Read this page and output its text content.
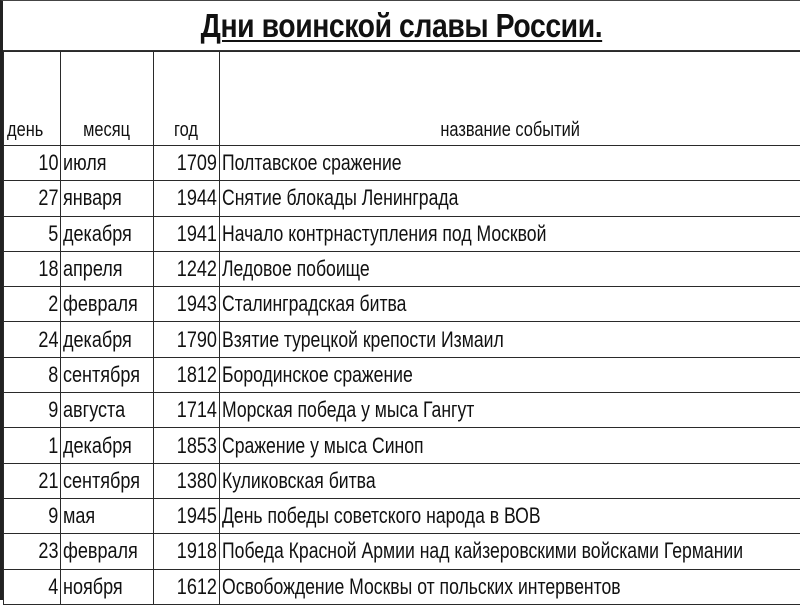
Дни воинской славы России.
день	месяц	год	название событий
10	июля	1709	Полтавское сражение
27	января	1944	Снятие блокады Ленинграда
5	декабря	1941	Начало контрнаступления под Москвой
18	апреля	1242	Ледовое побоище
2	февраля	1943	Сталинградская битва
24	декабря	1790	Взятие турецкой крепости Измаил
8	сентября	1812	Бородинское сражение
9	августа	1714	Морская победа у мыса Гангут
1	декабря	1853	Сражение у мыса Синоп
21	сентября	1380	Куликовская битва
9	мая	1945	День победы советского народа в ВОВ
23	февраля	1918	Победа Красной Армии над кайзеровскими войсками Германии
4	ноября	1612	Освобождение Москвы от польских интервентов
